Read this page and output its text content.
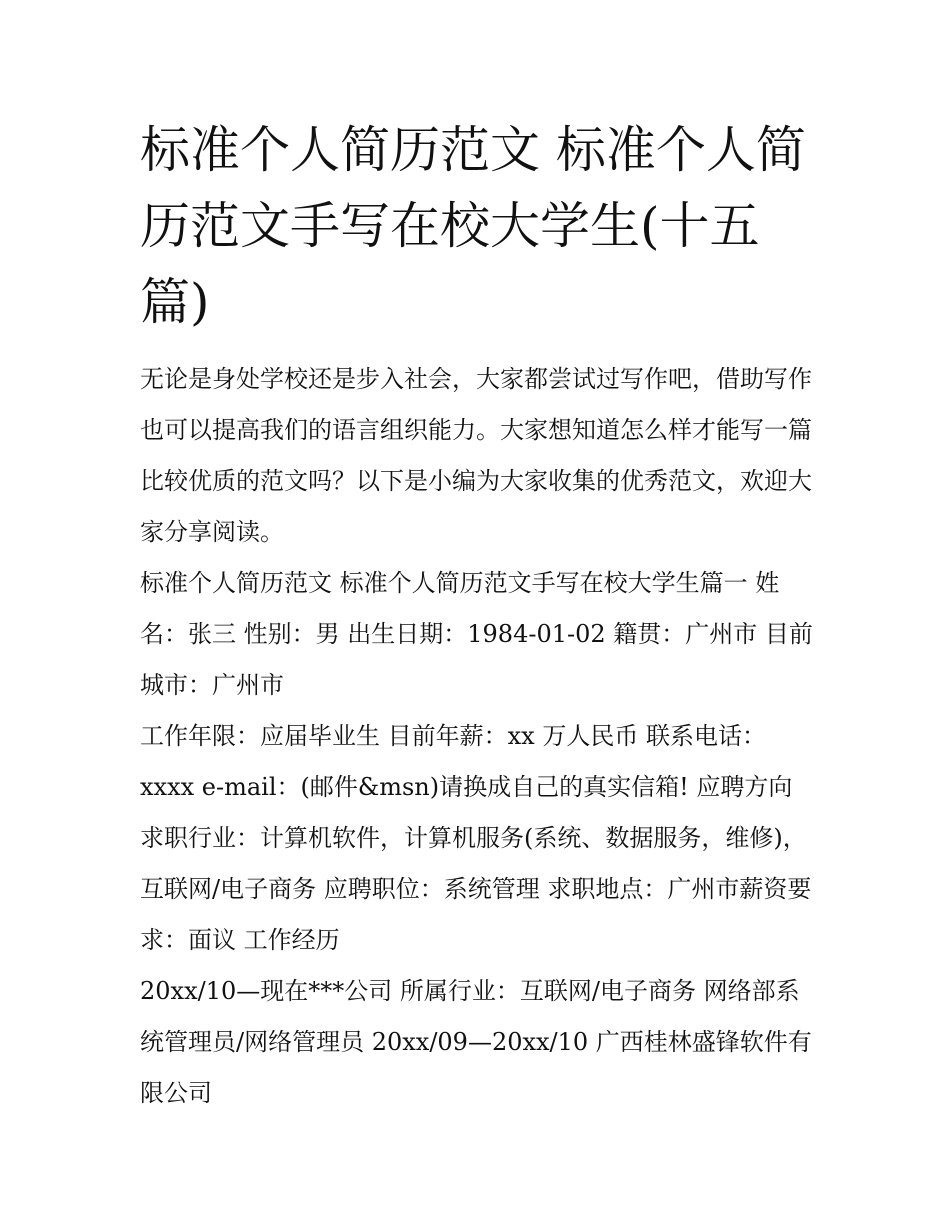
标准个人简历范文 标准个人简历范文手写在校大学生(十五篇)

无论是身处学校还是步入社会，大家都尝试过写作吧，借助写作也可以提高我们的语言组织能力。大家想知道怎么样才能写一篇比较优质的范文吗？以下是小编为大家收集的优秀范文，欢迎大家分享阅读。

标准个人简历范文 标准个人简历范文手写在校大学生篇一 姓名：张三 性别：男 出生日期：1984-01-02 籍贯：广州市 目前城市：广州市

工作年限：应届毕业生 目前年薪：xx 万人民币 联系电话：xxxx e-mail：(邮件&msn)请换成自己的真实信箱! 应聘方向 求职行业：计算机软件，计算机服务(系统、数据服务，维修)，互联网/电子商务 应聘职位：系统管理 求职地点：广州市薪资要求：面议 工作经历

20xx/10—现在***公司 所属行业：互联网/电子商务 网络部系统管理员/网络管理员 20xx/09—20xx/10 广西桂林盛锋软件有限公司
